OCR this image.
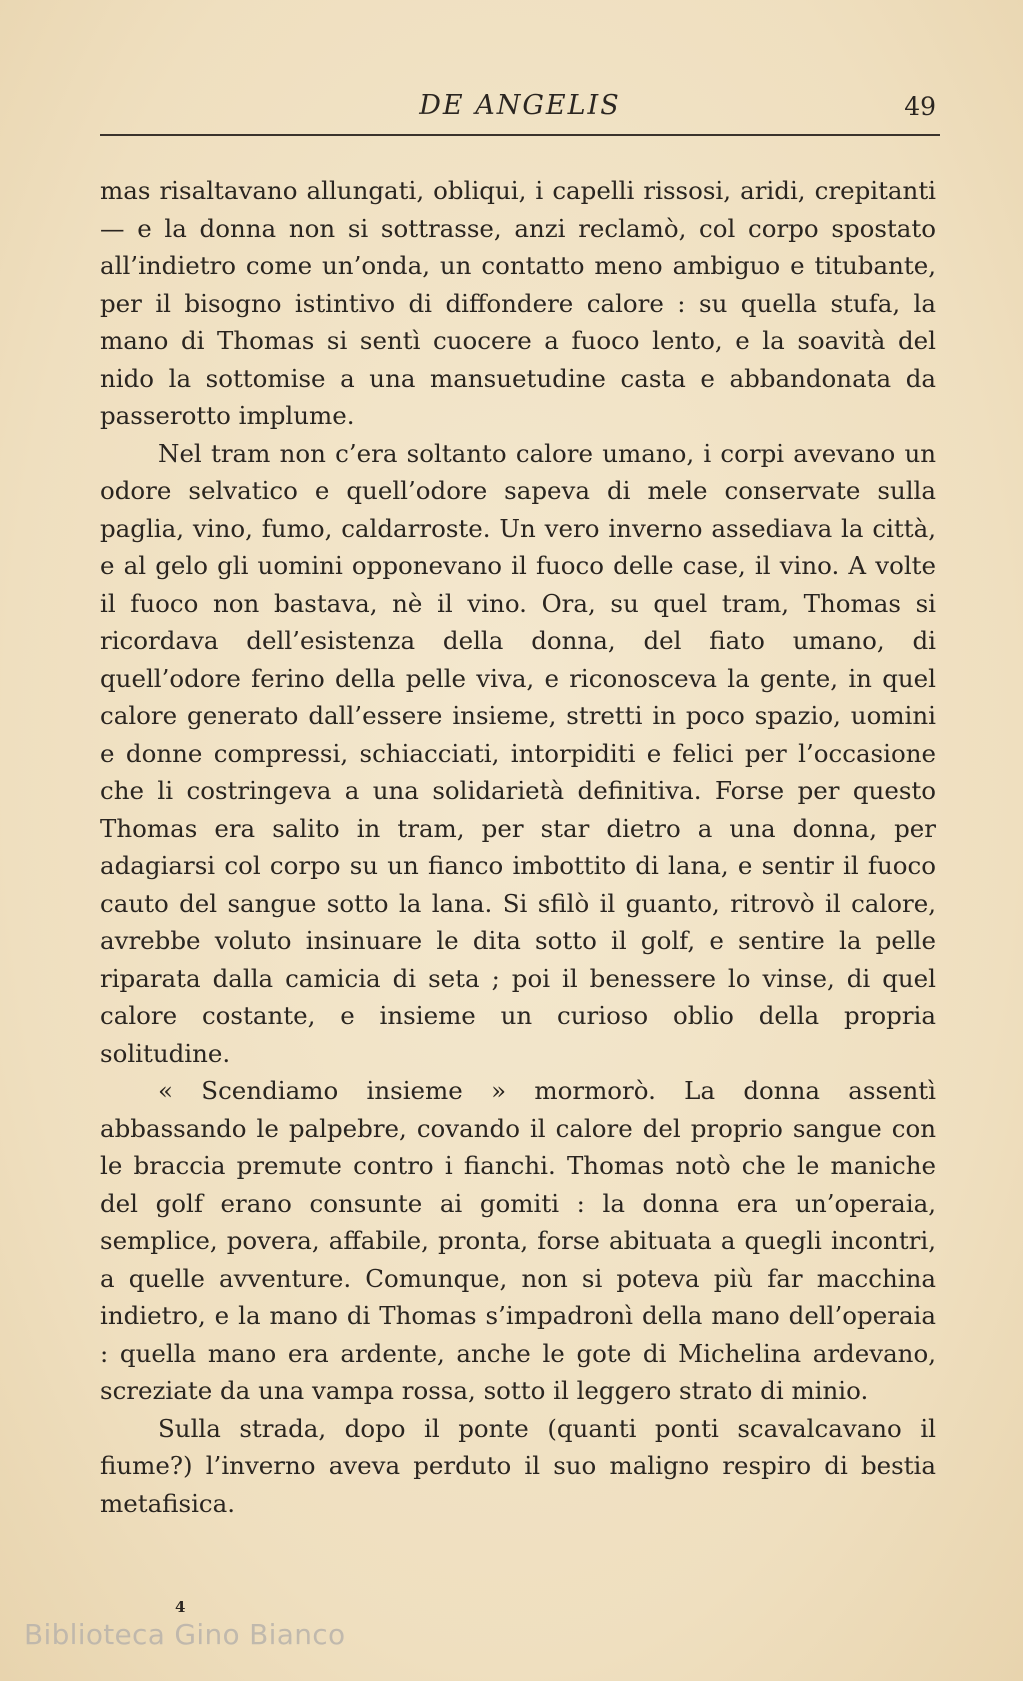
DE ANGELIS	49

mas risaltavano allungati, obliqui, i capelli rissosi, aridi, crepitanti — e la donna non si sottrasse, anzi reclamò, col corpo spostato all’indietro come un’onda, un contatto meno ambiguo e titubante, per il bisogno istintivo di diffondere calore : su quella stufa, la mano di Thomas si sentì cuocere a fuoco lento, e la soavità del nido la sottomise a una mansuetudine casta e abbandonata da passerotto implume.

Nel tram non c’era soltanto calore umano, i corpi avevano un odore selvatico e quell’odore sapeva di mele conservate sulla paglia, vino, fumo, caldarroste. Un vero inverno assediava la città, e al gelo gli uomini opponevano il fuoco delle case, il vino. A volte il fuoco non bastava, nè il vino. Ora, su quel tram, Thomas si ricordava dell’esistenza della donna, del fiato umano, di quell’odore ferino della pelle viva, e riconosceva la gente, in quel calore generato dall’essere insieme, stretti in poco spazio, uomini e donne compressi, schiacciati, intorpiditi e felici per l’occasione che li costringeva a una solidarietà definitiva. Forse per questo Thomas era salito in tram, per star dietro a una donna, per adagiarsi col corpo su un fianco imbottito di lana, e sentir il fuoco cauto del sangue sotto la lana. Si sfilò il guanto, ritrovò il calore, avrebbe voluto insinuare le dita sotto il golf, e sentire la pelle riparata dalla camicia di seta ; poi il benessere lo vinse, di quel calore costante, e insieme un curioso oblio della propria solitudine.

« Scendiamo insieme » mormorò. La donna assentì abbassando le palpebre, covando il calore del proprio sangue con le braccia premute contro i fianchi. Thomas notò che le maniche del golf erano consunte ai gomiti : la donna era un’operaia, semplice, povera, affabile, pronta, forse abituata a quegli incontri, a quelle avventure. Comunque, non si poteva più far macchina indietro, e la mano di Thomas s’impadronì della mano dell’operaia : quella mano era ardente, anche le gote di Michelina ardevano, screziate da una vampa rossa, sotto il leggero strato di minio.

Sulla strada, dopo il ponte (quanti ponti scavalcavano il fiume?) l’inverno aveva perduto il suo maligno respiro di bestia metafisica.

4
Biblioteca Gino Bianco
